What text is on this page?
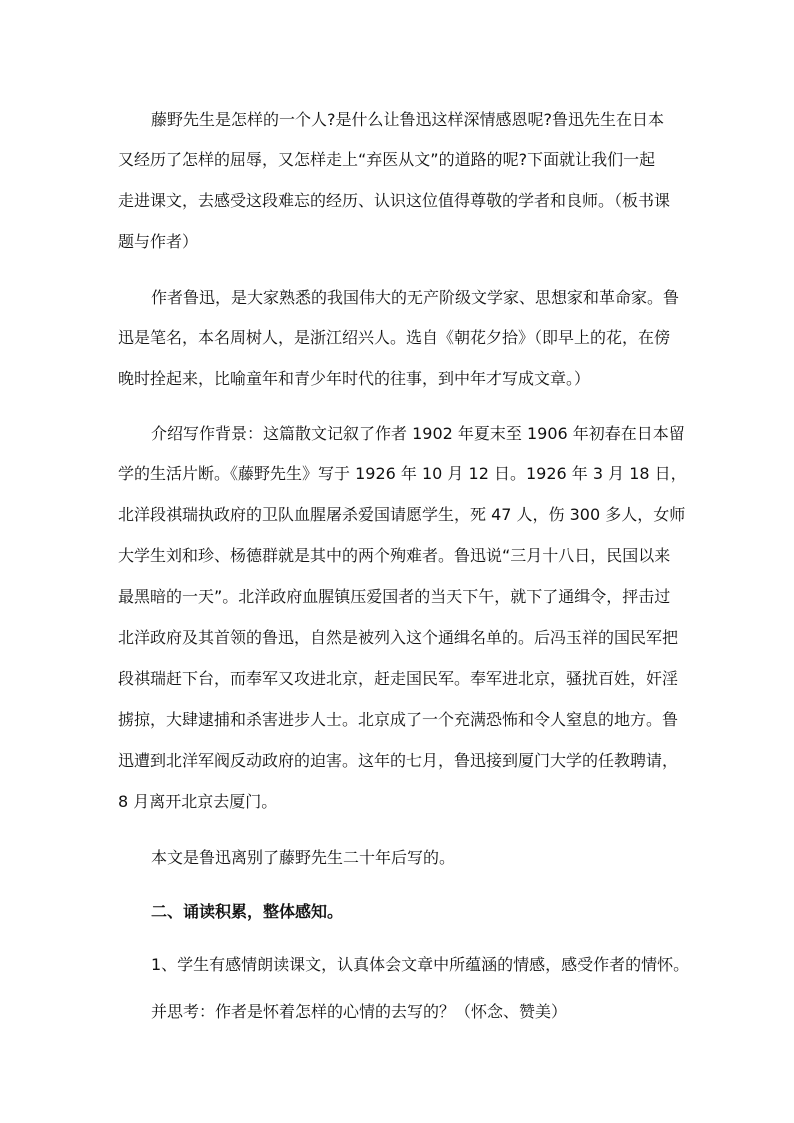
藤野先生是怎样的一个人?是什么让鲁迅这样深情感恩呢?鲁迅先生在日本
又经历了怎样的屈辱，又怎样走上“弃医从文”的道路的呢?下面就让我们一起
走进课文，去感受这段难忘的经历、认识这位值得尊敬的学者和良师。（板书课
题与作者）
作者鲁迅，是大家熟悉的我国伟大的无产阶级文学家、思想家和革命家。鲁
迅是笔名，本名周树人，是浙江绍兴人。选自《朝花夕拾》（即早上的花，在傍
晚时拴起来，比喻童年和青少年时代的往事，到中年才写成文章。）
介绍写作背景：这篇散文记叙了作者 1902 年夏末至 1906 年初春在日本留
学的生活片断。《藤野先生》写于 1926 年 10 月 12 日。1926 年 3 月 18 日，
北洋段祺瑞执政府的卫队血腥屠杀爱国请愿学生，死 47 人，伤 300 多人，女师
大学生刘和珍、杨德群就是其中的两个殉难者。鲁迅说“三月十八日，民国以来
最黑暗的一天”。北洋政府血腥镇压爱国者的当天下午，就下了通缉令，抨击过
北洋政府及其首领的鲁迅，自然是被列入这个通缉名单的。后冯玉祥的国民军把
段祺瑞赶下台，而奉军又攻进北京，赶走国民军。奉军进北京，骚扰百姓，奸淫
掳掠，大肆逮捕和杀害进步人士。北京成了一个充满恐怖和令人窒息的地方。鲁
迅遭到北洋军阀反动政府的迫害。这年的七月，鲁迅接到厦门大学的任教聘请，
8 月离开北京去厦门。
本文是鲁迅离别了藤野先生二十年后写的。
二、诵读积累，整体感知。
1、学生有感情朗读课文，认真体会文章中所蕴涵的情感，感受作者的情怀。
并思考：作者是怀着怎样的心情的去写的？（怀念、赞美）
